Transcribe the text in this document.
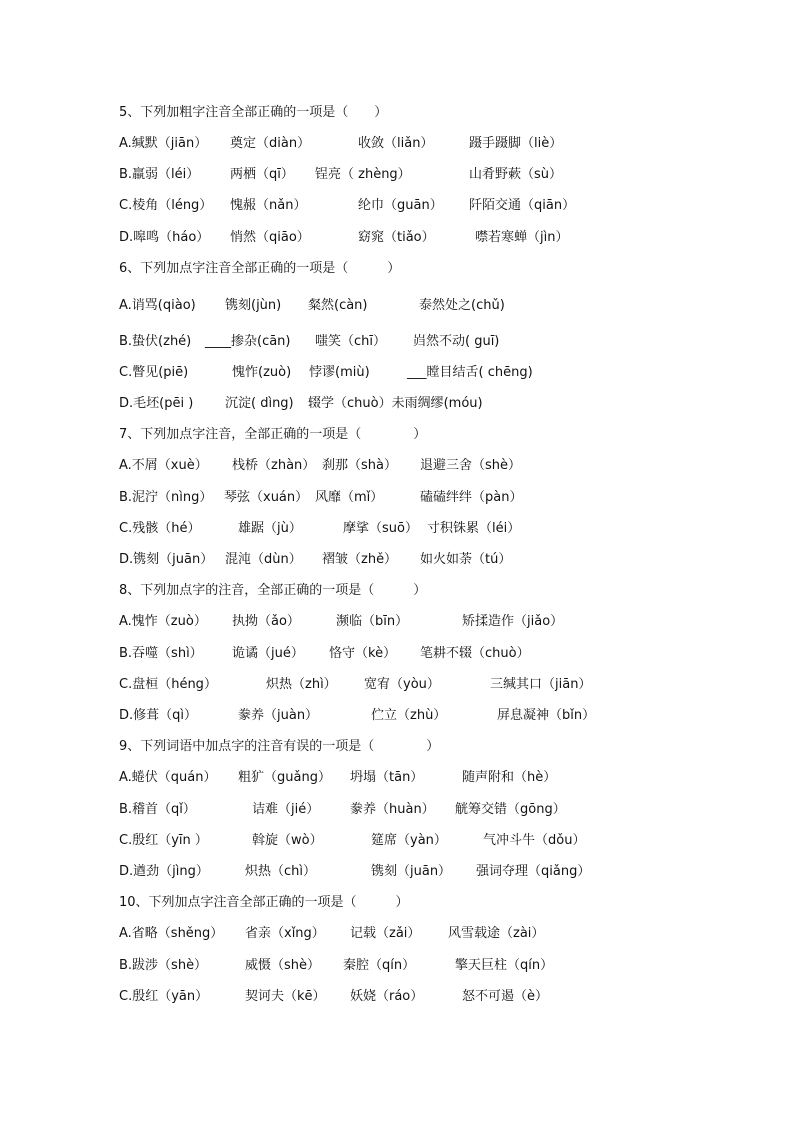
5、下列加粗字注音全部正确的一项是（　　）
A.缄默（jiān） 奠定（diàn）	收敛（liǎn）	蹑手蹑脚（liè）
B.羸弱（léi） 两栖（qī） 锃亮（ zhèng）	山肴野蔌（sù）
C.棱角（léng） 愧赧（nǎn）	纶巾（guān） 阡陌交通（qiān）
D.嗥鸣（háo） 悄然（qiāo）	窈窕（tiǎo）	噤若寒蝉（jìn）
6、下列加点字注音全部正确的一项是（　　　）
A.诮骂(qiào) 镌刻(jùn) 粲然(càn)	泰然处之(chǔ)
B.蛰伏(zhé) ____掺杂(cān) 嗤笑（chī） 岿然不动( guī)
C.瞥见(piē)	愧怍(zuò) 悖谬(miù)	___瞠目结舌( chēng)
D.毛坯(pēi ) 沉淀( dìng) 辍学（chuò）未雨绸缪(móu)
7、下列加点字注音，全部正确的一项是（　　　　）
A.不屑（xuè） 栈桥（zhàn） 刹那（shà） 退避三舍（shè）
B.泥泞（nìng） 琴弦（xuán） 风靡（mǐ）	磕磕绊绊（pàn）
C.残骸（hé）	雄踞（jù）	摩挲（suō） 寸积铢累（léi）
D.镌刻（juān） 混沌（dùn） 褶皱（zhě） 如火如荼（tú）
8、下列加点字的注音，全部正确的一项是（　　　）
A.愧怍（zuò） 执拗（ǎo）	濒临（bīn）	矫揉造作（jiǎo）
B.吞噬（shì） 诡谲（jué） 恪守（kè） 笔耕不辍（chuò）
C.盘桓（héng）	炽热（zhì） 宽宥（yòu）	三缄其口（jiān）
D.修葺（qì）	豢养（juàn）	伫立（zhù）	屏息凝神（bǐn）
9、下列词语中加点字的注音有误的一项是（　　　　）
A.蜷伏（quán） 粗犷（guǎng） 坍塌（tān）	随声附和（hè）
B.稽首（qǐ）	诘难（jié） 豢养（huàn） 觥筹交错（gōng）
C.殷红（yīn ）	斡旋（wò）	筵席（yàn）	气冲斗牛（dǒu）
D.遒劲（jìng）	炽热（chì）	镌刻（juān） 强词夺理（qiǎng）
10、下列加点字注音全部正确的一项是（　　　）
A.省略（shěng） 省亲（xǐng） 记载（zǎi） 风雪载途（zài）
B.跋涉（shè）	威慑（shè） 秦腔（qín）	擎天巨柱（qín）
C.殷红（yān）	契诃夫（kē） 妖娆（ráo）	怒不可遏（è）
